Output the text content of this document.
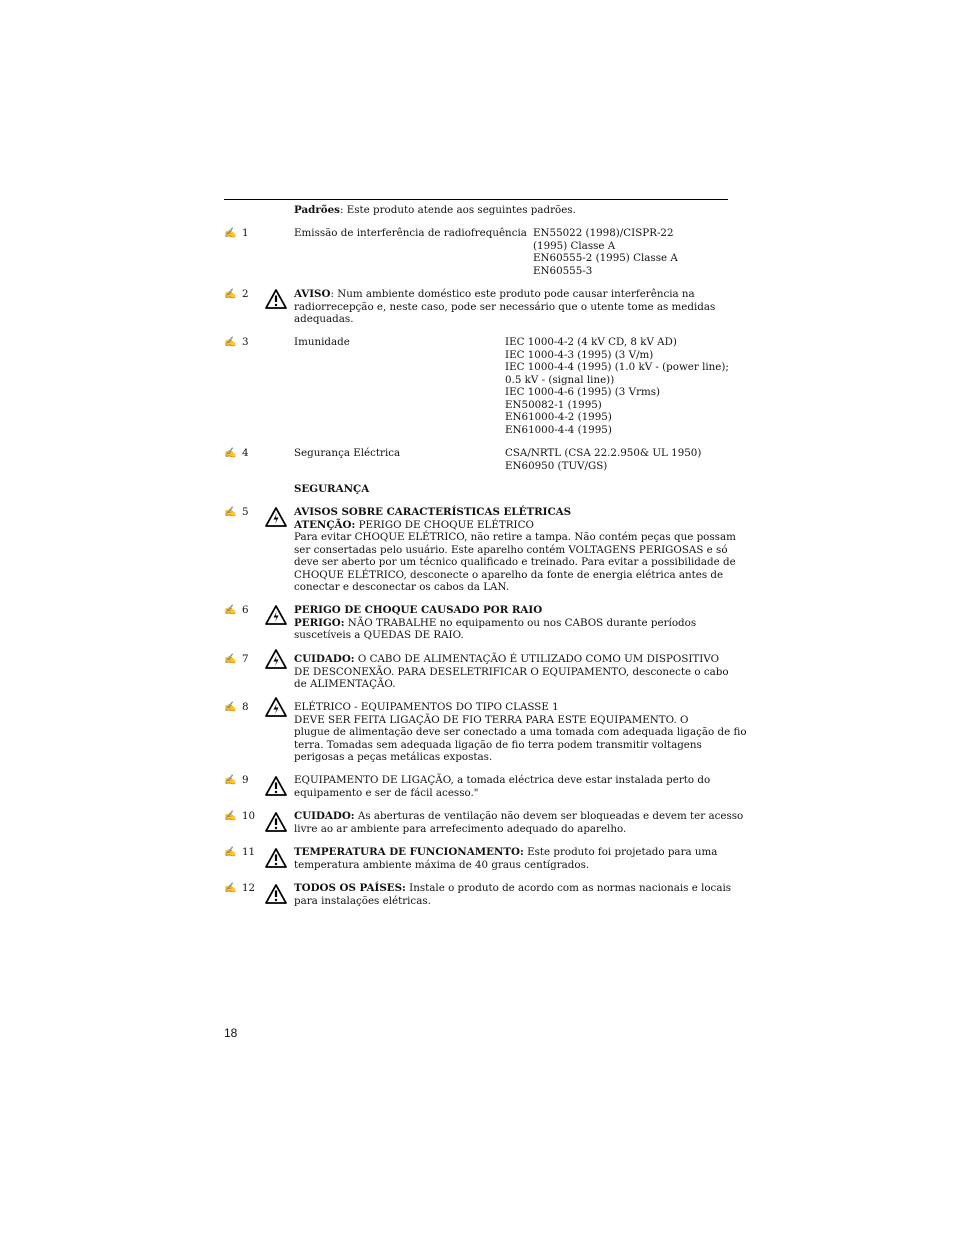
Padrões: Este produto atende aos seguintes padrões.
✍ 1	Emissão de interferência de radiofrequência EN55022 (1998)/CISPR-22
(1995) Classe A
EN60555-2 (1995) Classe A
EN60555-3
✍ 2	AVISO: Num ambiente doméstico este produto pode causar interferência na
radiorrecepção e, neste caso, pode ser necessário que o utente tome as medidas
adequadas.
✍ 3	Imunidade	IEC 1000-4-2 (4 kV CD, 8 kV AD)
IEC 1000-4-3 (1995) (3 V/m)
IEC 1000-4-4 (1995) (1.0 kV - (power line);
0.5 kV - (signal line))
IEC 1000-4-6 (1995) (3 Vrms)
EN50082-1 (1995)
EN61000-4-2 (1995)
EN61000-4-4 (1995)
✍ 4	Segurança Eléctrica	CSA/NRTL (CSA 22.2.950& UL 1950)
EN60950 (TUV/GS)
SEGURANÇA
✍ 5	AVISOS SOBRE CARACTERÍSTICAS ELÉTRICAS
ATENÇÃO: PERIGO DE CHOQUE ELÉTRICO
Para evitar CHOQUE ELÉTRICO, não retire a tampa. Não contém peças que possam
ser consertadas pelo usuário. Este aparelho contém VOLTAGENS PERIGOSAS e só
deve ser aberto por um técnico qualificado e treinado. Para evitar a possibilidade de
CHOQUE ELÉTRICO, desconecte o aparelho da fonte de energia elétrica antes de
conectar e desconectar os cabos da LAN.
✍ 6	PERIGO DE CHOQUE CAUSADO POR RAIO
PERIGO: NÃO TRABALHE no equipamento ou nos CABOS durante períodos
suscetíveis a QUEDAS DE RAIO.
✍ 7	CUIDADO: O CABO DE ALIMENTAÇÃO É UTILIZADO COMO UM DISPOSITIVO
DE DESCONEXÃO. PARA DESELETRIFICAR O EQUIPAMENTO, desconecte o cabo
de ALIMENTAÇÃO.
✍ 8	ELÉTRICO - EQUIPAMENTOS DO TIPO CLASSE 1
DEVE SER FEITA LIGAÇÃO DE FIO TERRA PARA ESTE EQUIPAMENTO. O
plugue de alimentação deve ser conectado a uma tomada com adequada ligação de fio
terra. Tomadas sem adequada ligação de fio terra podem transmitir voltagens
perigosas a peças metálicas expostas.
✍ 9	EQUIPAMENTO DE LIGAÇÃO, a tomada eléctrica deve estar instalada perto do
equipamento e ser de fácil acesso."
✍ 10	CUIDADO: As aberturas de ventilação não devem ser bloqueadas e devem ter acesso
livre ao ar ambiente para arrefecimento adequado do aparelho.
✍ 11	TEMPERATURA DE FUNCIONAMENTO: Este produto foi projetado para uma
temperatura ambiente máxima de 40 graus centígrados.
✍ 12	TODOS OS PAÍSES: Instale o produto de acordo com as normas nacionais e locais
para instalações elétricas.
18
